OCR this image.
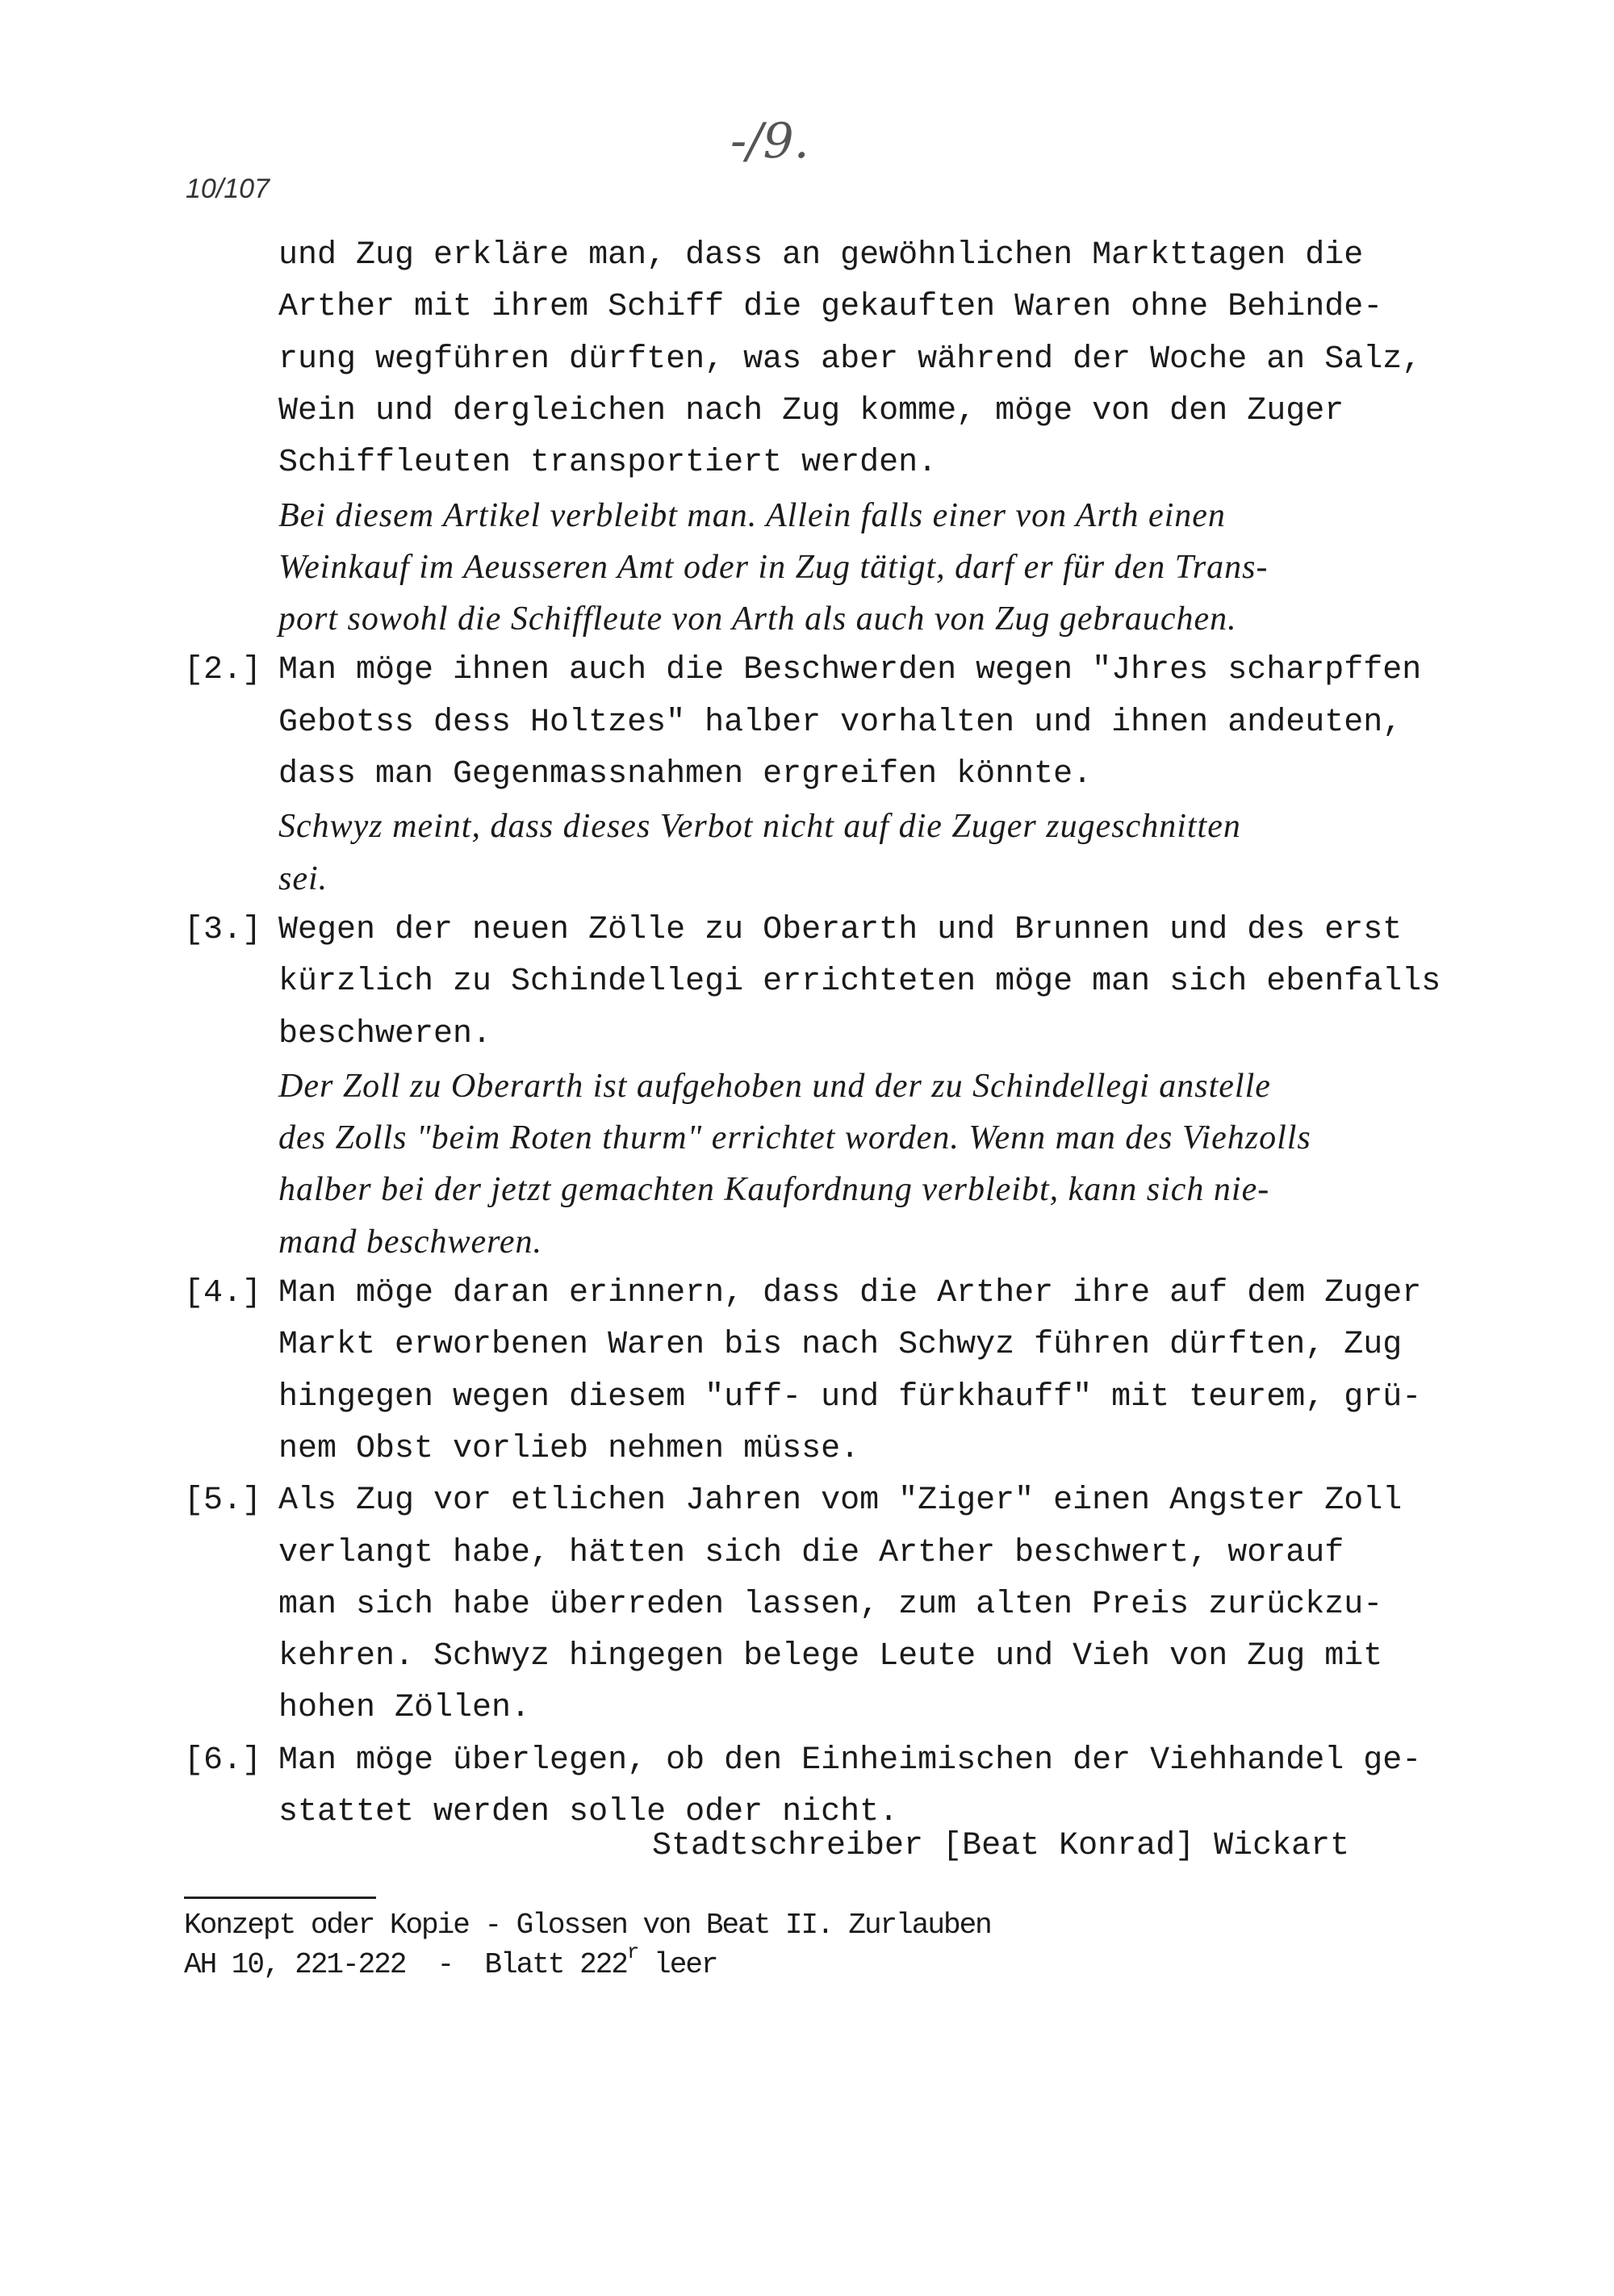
10/107
-/9.
und Zug erkläre man, dass an gewöhnlichen Markttagen die
Arther mit ihrem Schiff die gekauften Waren ohne Behinde-
rung wegführen dürften, was aber während der Woche an Salz,
Wein und dergleichen nach Zug komme, möge von den Zuger
Schiffleuten transportiert werden.
Bei diesem Artikel verbleibt man. Allein falls einer von Arth einen
Weinkauf im Aeusseren Amt oder in Zug tätigt, darf er für den Trans-
port sowohl die Schiffleute von Arth als auch von Zug gebrauchen.
[2.] Man möge ihnen auch die Beschwerden wegen "Jhres scharpffen
Gebotss dess Holtzes" halber vorhalten und ihnen andeuten,
dass man Gegenmassnahmen ergreifen könnte.
Schwyz meint, dass dieses Verbot nicht auf die Zuger zugeschnitten
sei.
[3.] Wegen der neuen Zölle zu Oberarth und Brunnen und des erst
kürzlich zu Schindellegi errichteten möge man sich ebenfalls
beschweren.
Der Zoll zu Oberarth ist aufgehoben und der zu Schindellegi anstelle
des Zolls "beim Roten thurm" errichtet worden. Wenn man des Viehzolls
halber bei der jetzt gemachten Kaufordnung verbleibt, kann sich nie-
mand beschweren.
[4.] Man möge daran erinnern, dass die Arther ihre auf dem Zuger
Markt erworbenen Waren bis nach Schwyz führen dürften, Zug
hingegen wegen diesem "uff- und fürkhauff" mit teurem, grü-
nem Obst vorlieb nehmen müsse.
[5.] Als Zug vor etlichen Jahren vom "Ziger" einen Angster Zoll
verlangt habe, hätten sich die Arther beschwert, worauf
man sich habe überreden lassen, zum alten Preis zurückzu-
kehren. Schwyz hingegen belege Leute und Vieh von Zug mit
hohen Zöllen.
[6.] Man möge überlegen, ob den Einheimischen der Viehhandel ge-
stattet werden solle oder nicht.
Stadtschreiber [Beat Konrad] Wickart
Konzept oder Kopie - Glossen von Beat II. Zurlauben
AH 10, 221-222  -  Blatt 222$^r$ leer
